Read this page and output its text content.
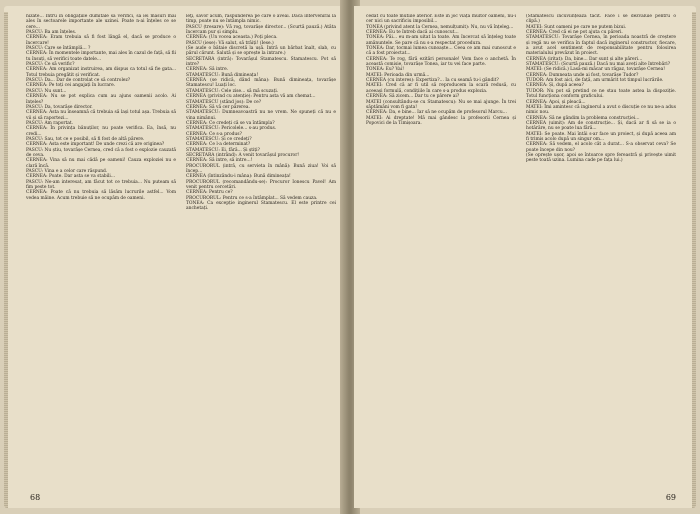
nizate... Intru în obligațiile dumitale să verifici, să iei măsuri mai ales în sectoarele importante ale uzinei. Poate n-ai înțeles ce se cere...

PASCU: Ba am înțeles.

CERNEA: Eram trebuia să fi fost lângă el, dacă se produce o încercare!

PASCU: Care se întâmplă... ?

CERNEA: În momentele importante, mai ales în cazul de față, să fii tu însuți, să verifici toate datele...

PASCU: Ce să verific?

CERNEA: Am organizat instruirea, am dispus ca totul să fie gata... Totul trebuia pregătit și verificat.

PASCU: Da... Dar de controlat ce să controlez?

CERNEA: Pe toți cei angajați în lucrare.

PASCU: Nu sunt...

CERNEA: Nu se pot explica cum au ajuns oamenii acolo. Ai înțeles?

PASCU: Da, tovarășe director.

CERNEA: Asta nu înseamnă că trebuia să lași totul așa. Trebuia să vii și să raportezi...

PASCU: Am raportat.

CERNEA: În privința bănuților, nu poate verifica. Ea, însă, nu credi...

PASCU: Sau, tot ce e posibil, să fi fost de altă părere.

CERNEA: Asta este important! De unde crezi că are originea?

PASCU: Nu știu, tovarășe Cernea, cred că a fost o explozie cauzată de ceva.

CERNEA: Vina să nu mai cădă pe oameni! Cauza exploziei nu e clară încă.

PASCU: Vina e a celor care răspund.

CERNEA: Poate. Dar asta se va stabili...

PASCU: Ne-am interesat, am făcut tot ce trebuia... Nu puteam să fim peste tot.

CERNEA: Poate că nu trebuia să lăsăm lucrurile astfel... Vom vedea mâine. Acum trebuie să ne ocupăm de oameni.

leţi, săvor acum, răspunderea pe care o aveai. Dacă intervenirai la timp, poate nu se întâmpla nimic.

PASCU (tresare): Vă rog, tovarășe director... (Scurtă pauză.) Atâta încercam pur și simplu.

CERNEA: (Un vocea aceasta.) Poți pleca.

PASCU (iese): Vă salut, să trăiți! (Iese.)

(Se aude o bătaie discretă la ușă. Intră un bărbat înalt, slab, cu părul cărunt. Salută și se oprește la intrare.)

SECRETARA (intră): Tovarășul Stamatescu. Stamatescu. Pot să intre?

CERNEA: Să intre.

STAMATESCU: Bună dimineața!

CERNEA (se ridică, dând mâna): Bună dimineața, tovarășe Stamatescu! Luați loc.

STAMATESCU: Cele zise... să mă scuzați.

CERNEA (privind cu atenție): Pentru asta vă am chemat...

STAMATESCU (stând jos): De ce?

CERNEA: Să vă cer părerea.

STAMATESCU: Dumneavoastră nu ne vrem. Ne spuneți că nu e vina nimănui.

CERNEA: Ce credeți că se va întâmpla?

STAMATESCU: Pericolele... s-au produs.

CERNEA: Ce s-a produs?

STAMATESCU: Și ce credeți?

CERNEA: Ce l-a determinat?

STAMATESCU: Ei, fără... Și știți?

SECRETARA (intrând): A venit tovarășul procuror!

CERNEA: Să intre, să intre...!

PROCURORUL (intră, cu servieta în mână): Bună ziua! Voi să încep...

CERNEA (întinzându-i mâna): Bună dimineața!

PROCURORUL (recomandându-se): Procuror Ionescu Pavel! Am venit pentru cercetări.

CERNEA: Pentru ce?

PROCURORUL: Pentru ce s-a întâmplat... Să vedem cauza.

TONEA: Ca excepție inginerul Stamatescu. El este printre cei anchetați.

68

cedat cu toate mutiile aterior. Este în joc viața multor oameni, nu-i cer nici un sacrificiu imposibil...

TONEA (privind atent la Cernea, nemulțumit): Nu, nu vă înțeleg...

CERNEA: Eu te întreb dacă ai cunoscut...

TONEA: Păi... eu m-am uitat la toate. Am încercat să înțeleg toate amănuntele. Se pare că nu s-a respectat procedura.

TONEA: Dar, tocmai lumea cunoaște... Ceea ce am mai cunoscut e că a fost proiectat...

CERNEA: Te rog, fără ezitări personale! Vom face o anchetă. În această comisie, tovarășe Tonea, iar tu vei face parte.

TONEA: Eu? Vai!

MATEI: Perioada din urmă...

CERNEA (cu interes): Expertiza?... Ia cu seamă tu-i gândit?

MATEI: Cred că ar fi util să reproducem la scară redusă, cu aceeași formulă, condițiile în care s-a produs explozia.

CERNEA: Să zicem... Dar tu ce părere ai?

MATEI (consultându-se cu Stamatescu): Nu se mai ajunge. În trei săptămâni vom fi gata!

CERNEA: Da, e bine... Iar să ne ocupăm de profesorul Marcu...

MATEI: Ai dreptate! Mă mai gândesc la profesorii Cernea și Popovici de la Timișoara.

(Stamatescu încuviințează tacit. Face i se dezvăluie pentru o clipă.)

MATEI: Sunt oameni pe care ne putem bizui.

CERNEA: Cred că ei ne pot ajuta cu păreri.

STAMATESCU: Tovarășe Cernea, în perioada noastră de creștere și regă nu se verifica în faptul dacă inginerul constructor, fiecare, a avut acel sentiment de responsabilitate pentru folosirea materialului prevăzut în proiect.

CERNEA (iritat): Da, bine... Dar sunt și alte păreri...

STAMATESCU: (Scurtă pauză.) Dacă nu mai aveți alte întrebări?

MATEI: (Se ridică.) Lasă-mi măcar un răgaz, tovarășe Cernea!

CERNEA: Dumneata unde ai fost, tovarășe Tudor?

TUDOR: Am fost aici, de față, am urmărit tot timpul lucrările.

CERNEA: Și, după aceea?

TUDOR: Nu pot să pretind ce ne stau toate astea la dispoziție. Totul funcționa conform graficului.

CERNEA: Apoi, și pleacă...

MATEI: Îmi amintesc că inginerul a avut o discuție ce nu ne-a adus nimic nou.

CERNEA: Să ne gândim la problema construcției...

CERNEA (uimit): Am de construcție... Și, dacă ar fi să se ia o hotărâre, nu se poate lua fără...

MATEI: Se poate. Mai întâi s-ar face un proiect, și după aceea am fi trimis acolo după un singur om...

CERNEA: Să vedem, el acolo cât a durat... S-a observat ceva? Se poate începe din nou?

(Se oprește ușor, apoi se întoarce spre fereastră și privește uimit peste toată uzina. Lumina cade pe fața lui.)

69
